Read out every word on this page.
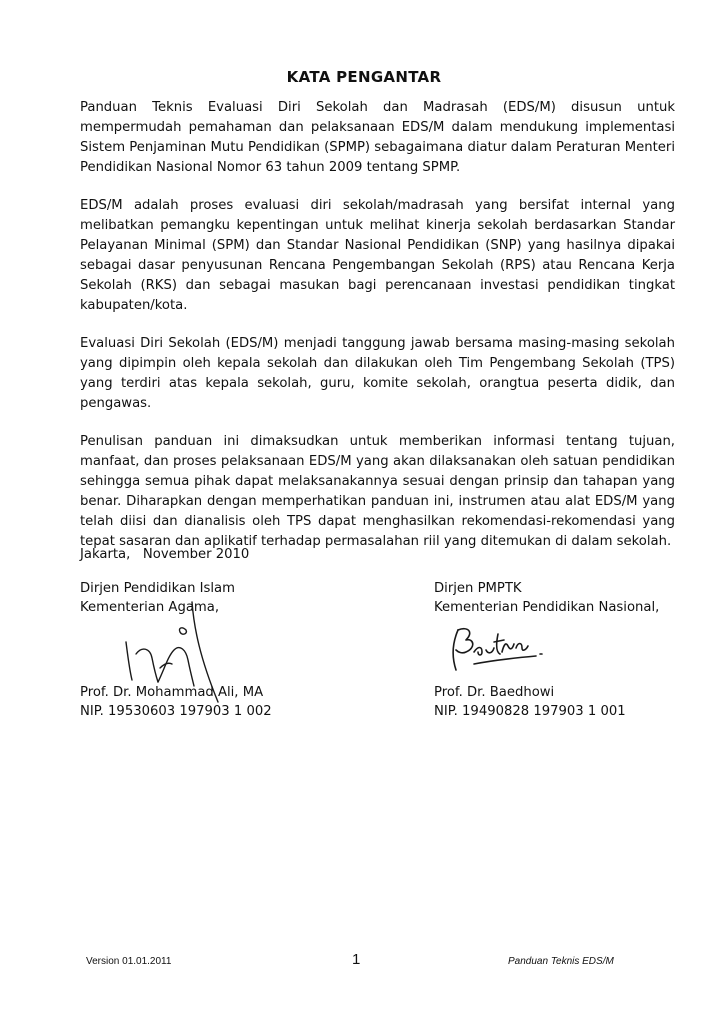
KATA PENGANTAR

Panduan Teknis Evaluasi Diri Sekolah dan Madrasah (EDS/M) disusun untuk mempermudah pemahaman dan pelaksanaan EDS/M dalam mendukung implementasi Sistem Penjaminan Mutu Pendidikan (SPMP) sebagaimana diatur dalam Peraturan Menteri Pendidikan Nasional Nomor 63 tahun 2009 tentang SPMP.

EDS/M adalah proses evaluasi diri sekolah/madrasah yang bersifat internal yang melibatkan pemangku kepentingan untuk melihat kinerja sekolah berdasarkan Standar Pelayanan Minimal (SPM) dan Standar Nasional Pendidikan (SNP) yang hasilnya dipakai sebagai dasar penyusunan Rencana Pengembangan Sekolah (RPS) atau Rencana Kerja Sekolah (RKS) dan sebagai masukan bagi perencanaan investasi pendidikan tingkat kabupaten/kota.

Evaluasi Diri Sekolah (EDS/M) menjadi tanggung jawab bersama masing-masing sekolah yang dipimpin oleh kepala sekolah dan dilakukan oleh Tim Pengembang Sekolah (TPS) yang terdiri atas kepala sekolah, guru, komite sekolah, orangtua peserta didik, dan pengawas.

Penulisan panduan ini dimaksudkan untuk memberikan informasi tentang tujuan, manfaat, dan proses pelaksanaan EDS/M yang akan dilaksanakan oleh satuan pendidikan sehingga semua pihak dapat melaksanakannya sesuai dengan prinsip dan tahapan yang benar. Diharapkan dengan memperhatikan panduan ini, instrumen atau alat EDS/M yang telah diisi dan dianalisis oleh TPS dapat menghasilkan rekomendasi-rekomendasi yang tepat sasaran dan aplikatif terhadap permasalahan riil yang ditemukan di dalam sekolah.

Jakarta,   November 2010
Dirjen Pendidikan Islam
Kementerian Agama,
Prof. Dr. Mohammad Ali, MA
NIP. 19530603 197903 1 002
Dirjen PMPTK
Kementerian Pendidikan Nasional,
Prof. Dr. Baedhowi
NIP. 19490828 197903 1 001
Version 01.01.2011	1	Panduan Teknis EDS/M
